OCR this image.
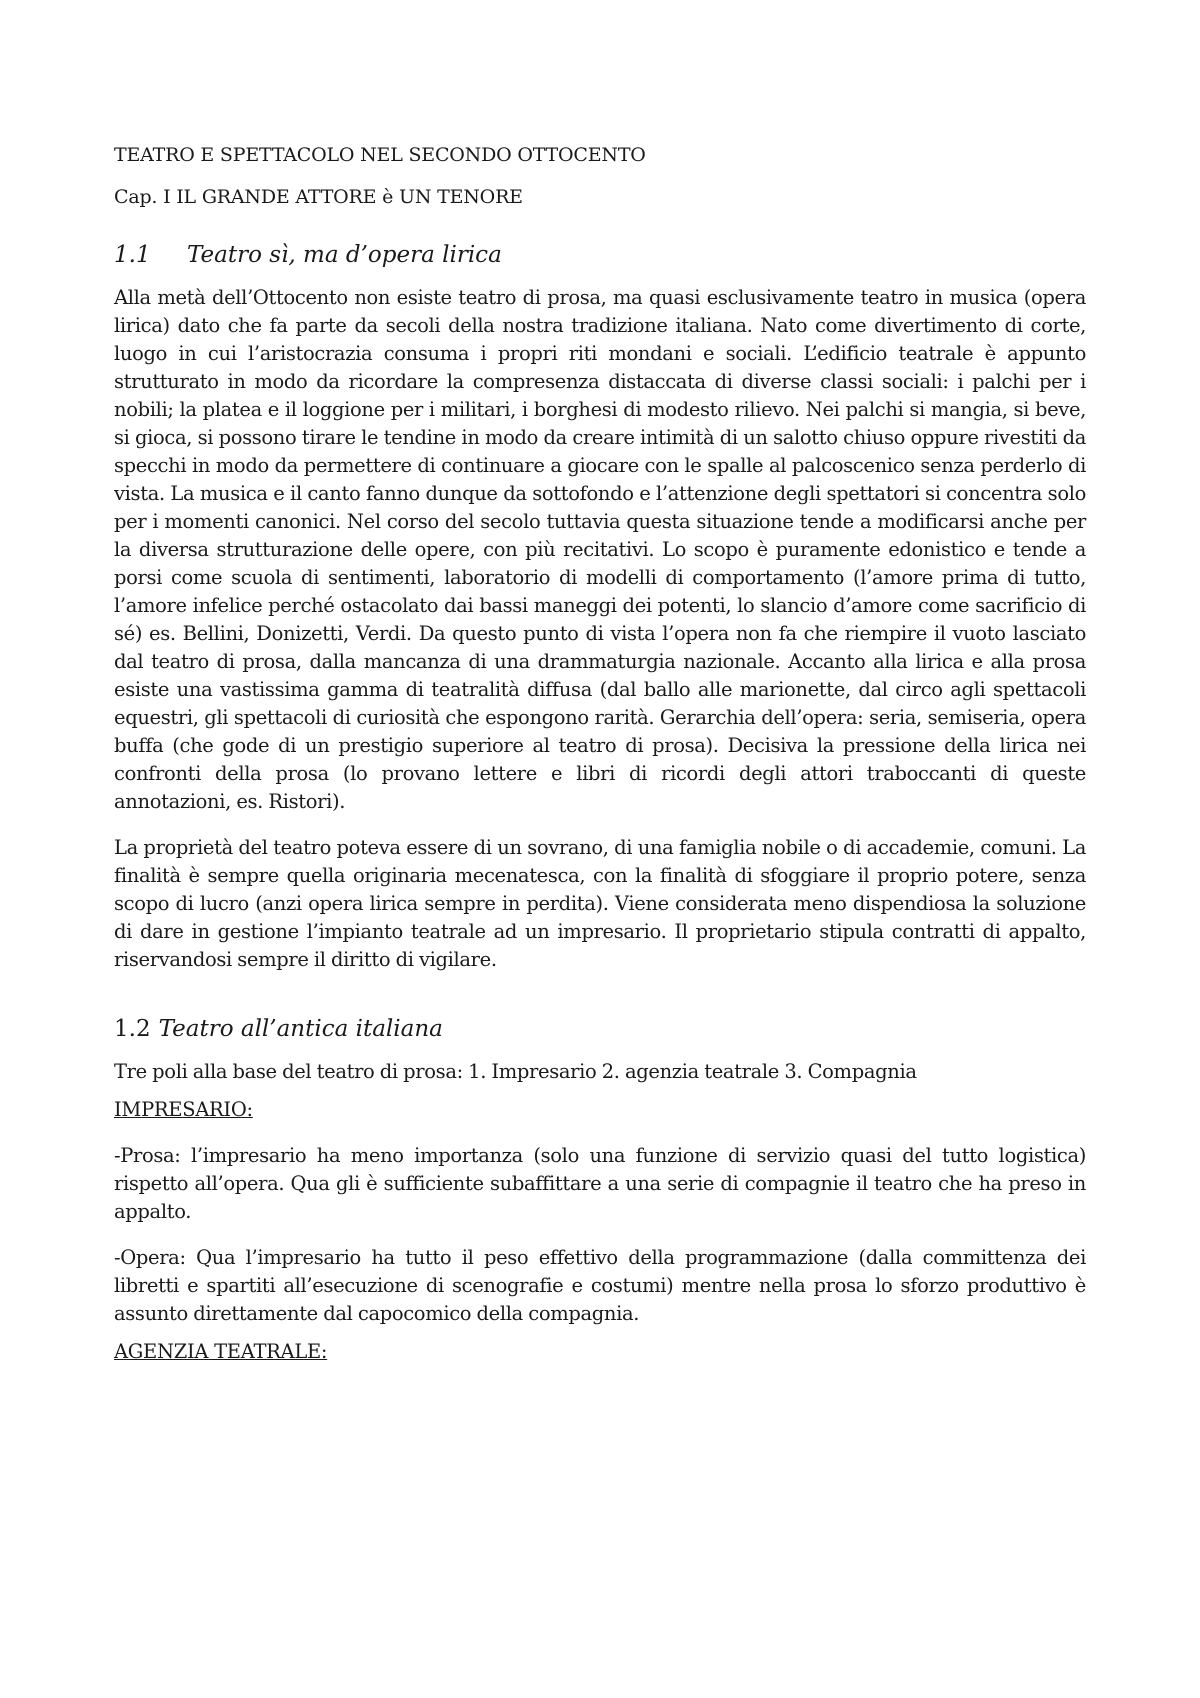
TEATRO E SPETTACOLO NEL SECONDO OTTOCENTO
Cap. I IL GRANDE ATTORE è UN TENORE
1.1	Teatro sì, ma d’opera lirica

Alla metà dell’Ottocento non esiste teatro di prosa, ma quasi esclusivamente teatro in musica (opera lirica) dato che fa parte da secoli della nostra tradizione italiana. Nato come divertimento di corte, luogo in cui l’aristocrazia consuma i propri riti mondani e sociali. L’edificio teatrale è appunto strutturato in modo da ricordare la compresenza distaccata di diverse classi sociali: i palchi per i nobili; la platea e il loggione per i militari, i borghesi di modesto rilievo. Nei palchi si mangia, si beve, si gioca, si possono tirare le tendine in modo da creare intimità di un salotto chiuso oppure rivestiti da specchi in modo da permettere di continuare a giocare con le spalle al palcoscenico senza perderlo di vista. La musica e il canto fanno dunque da sottofondo e l’attenzione degli spettatori si concentra solo per i momenti canonici. Nel corso del secolo tuttavia questa situazione tende a modificarsi anche per la diversa strutturazione delle opere, con più recitativi. Lo scopo è puramente edonistico e tende a porsi come scuola di sentimenti, laboratorio di modelli di comportamento (l’amore prima di tutto, l’amore infelice perché ostacolato dai bassi maneggi dei potenti, lo slancio d’amore come sacrificio di sé) es. Bellini, Donizetti, Verdi. Da questo punto di vista l’opera non fa che riempire il vuoto lasciato dal teatro di prosa, dalla mancanza di una drammaturgia nazionale. Accanto alla lirica e alla prosa esiste una vastissima gamma di teatralità diffusa (dal ballo alle marionette, dal circo agli spettacoli equestri, gli spettacoli di curiosità che espongono rarità. Gerarchia dell’opera: seria, semiseria, opera buffa (che gode di un prestigio superiore al teatro di prosa). Decisiva la pressione della lirica nei confronti della prosa (lo provano lettere e libri di ricordi degli attori traboccanti di queste annotazioni, es. Ristori).

La proprietà del teatro poteva essere di un sovrano, di una famiglia nobile o di accademie, comuni. La finalità è sempre quella originaria mecenatesca, con la finalità di sfoggiare il proprio potere, senza scopo di lucro (anzi opera lirica sempre in perdita). Viene considerata meno dispendiosa la soluzione di dare in gestione l’impianto teatrale ad un impresario. Il proprietario stipula contratti di appalto, riservandosi sempre il diritto di vigilare.

1.2 Teatro all’antica italiana

Tre poli alla base del teatro di prosa: 1. Impresario 2. agenzia teatrale 3. Compagnia

IMPRESARIO:

-Prosa: l’impresario ha meno importanza (solo una funzione di servizio quasi del tutto logistica) rispetto all’opera. Qua gli è sufficiente subaffittare a una serie di compagnie il teatro che ha preso in appalto.

-Opera: Qua l’impresario ha tutto il peso effettivo della programmazione (dalla committenza dei libretti e spartiti all’esecuzione di scenografie e costumi) mentre nella prosa lo sforzo produttivo è assunto direttamente dal capocomico della compagnia.

AGENZIA TEATRALE:
